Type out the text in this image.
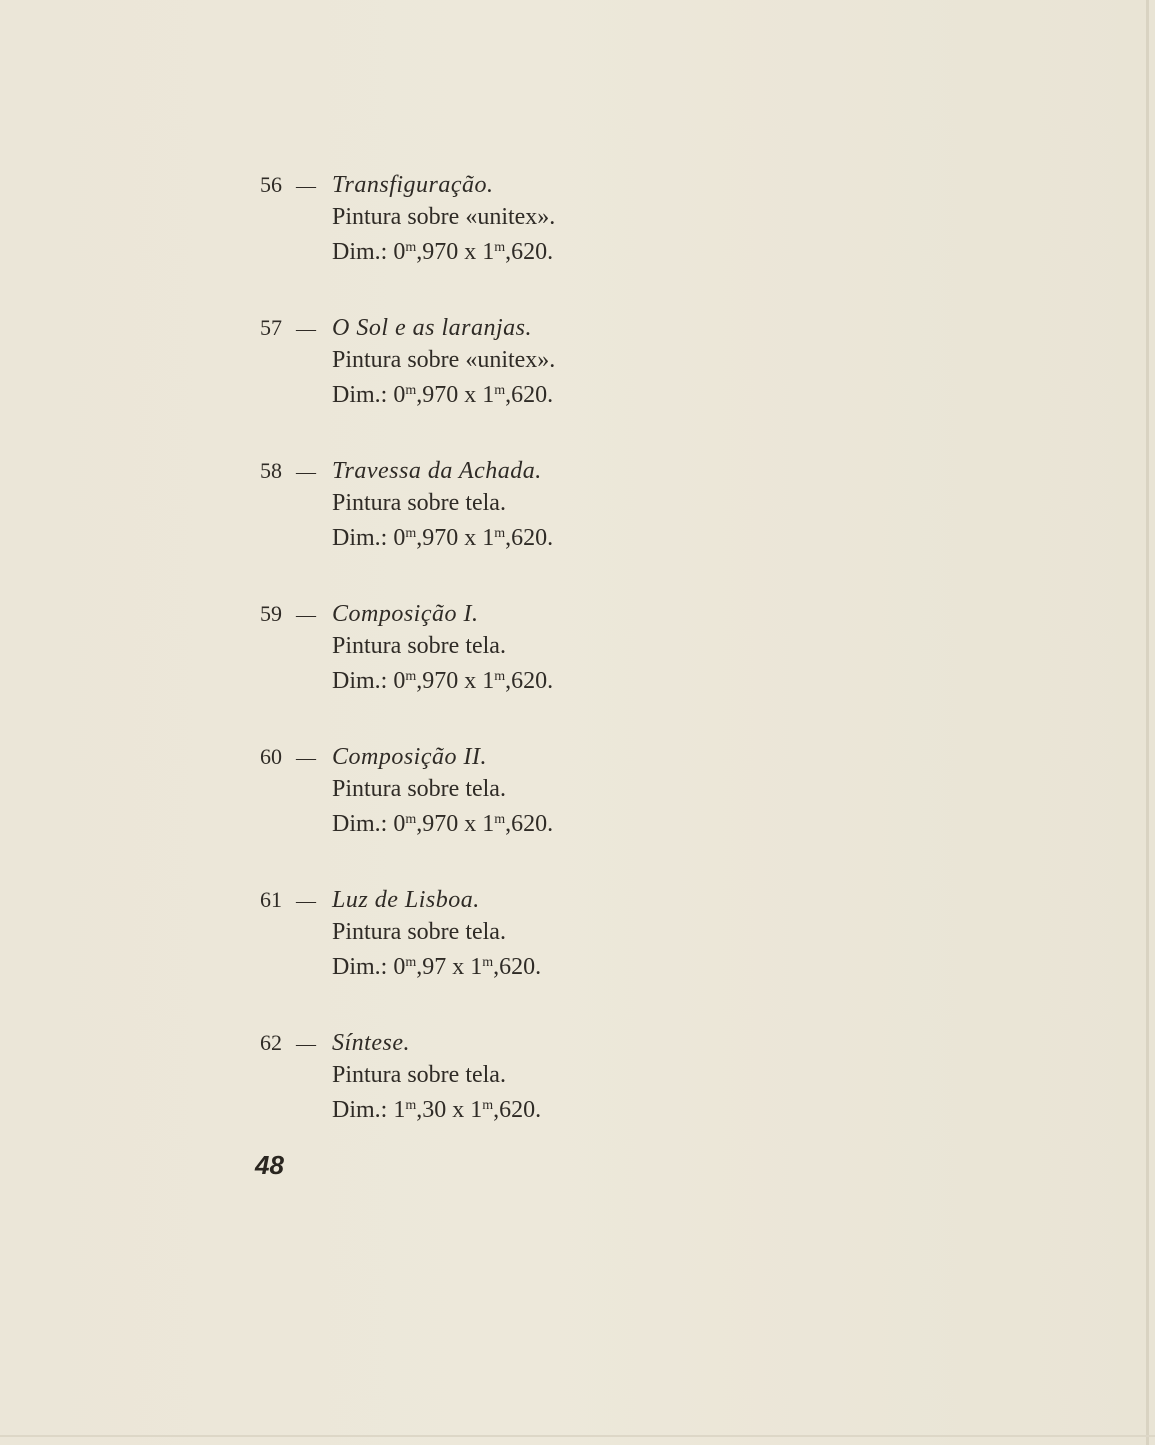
56 — Transfiguração.
Pintura sobre «unitex».
Dim.: 0$^m$,970 x 1$^m$,620.
57 — O Sol e as laranjas.
Pintura sobre «unitex».
Dim.: 0$^m$,970 x 1$^m$,620.
58 — Travessa da Achada.
Pintura sobre tela.
Dim.: 0$^m$,970 x 1$^m$,620.
59 — Composição I.
Pintura sobre tela.
Dim.: 0$^m$,970 x 1$^m$,620.
60 — Composição II.
Pintura sobre tela.
Dim.: 0$^m$,970 x 1$^m$,620.
61 — Luz de Lisboa.
Pintura sobre tela.
Dim.: 0$^m$,97 x 1$^m$,620.
62 — Síntese.
Pintura sobre tela.
Dim.: 1$^m$,30 x 1$^m$,620.
48
